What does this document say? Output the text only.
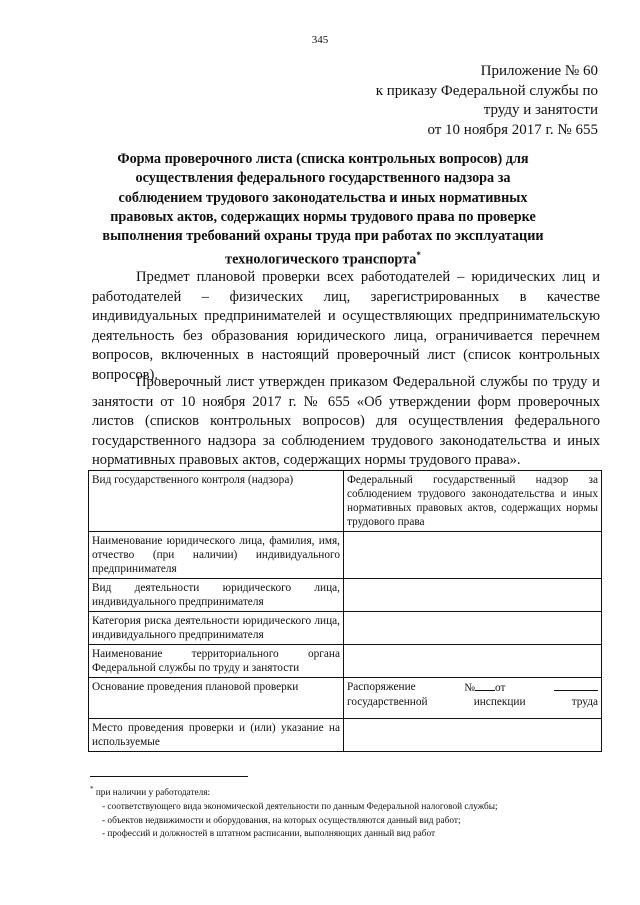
345
Приложение № 60
к приказу Федеральной службы по
труду и занятости
от 10 ноября 2017 г. № 655
Форма проверочного листа (списка контрольных вопросов) для осуществления федерального государственного надзора за соблюдением трудового законодательства и иных нормативных правовых актов, содержащих нормы трудового права по проверке выполнения требований охраны труда при работах по эксплуатации технологического транспорта*
Предмет плановой проверки всех работодателей – юридических лиц и работодателей – физических лиц, зарегистрированных в качестве индивидуальных предпринимателей и осуществляющих предпринимательскую деятельность без образования юридического лица, ограничивается перечнем вопросов, включенных в настоящий проверочный лист (список контрольных вопросов).
Проверочный лист утвержден приказом Федеральной службы по труду и занятости от 10 ноября 2017 г. № 655 «Об утверждении форм проверочных листов (списков контрольных вопросов) для осуществления федерального государственного надзора за соблюдением трудового законодательства и иных нормативных правовых актов, содержащих нормы трудового права».
Вид государственного контроля (надзора)	Федеральный государственный надзор за соблюдением трудового законодательства и иных нормативных правовых актов, содержащих нормы трудового права
Наименование юридического лица, фамилия, имя, отчество (при наличии) индивидуального предпринимателя	
Вид деятельности юридического лица, индивидуального предпринимателя	
Категория риска деятельности юридического лица, индивидуального предпринимателя	
Наименование территориального органа Федеральной службы по труду и занятости	
Основание проведения плановой проверки	Распоряжение № от
государственной инспекции труда

Место проведения проверки и (или) указание на используемые	
* при наличии у работодателя:
- соответствующего вида экономической деятельности по данным Федеральной налоговой службы;
- объектов недвижимости и оборудования, на которых осуществляются данный вид работ;
- профессий и должностей в штатном расписании, выполняющих данный вид работ
